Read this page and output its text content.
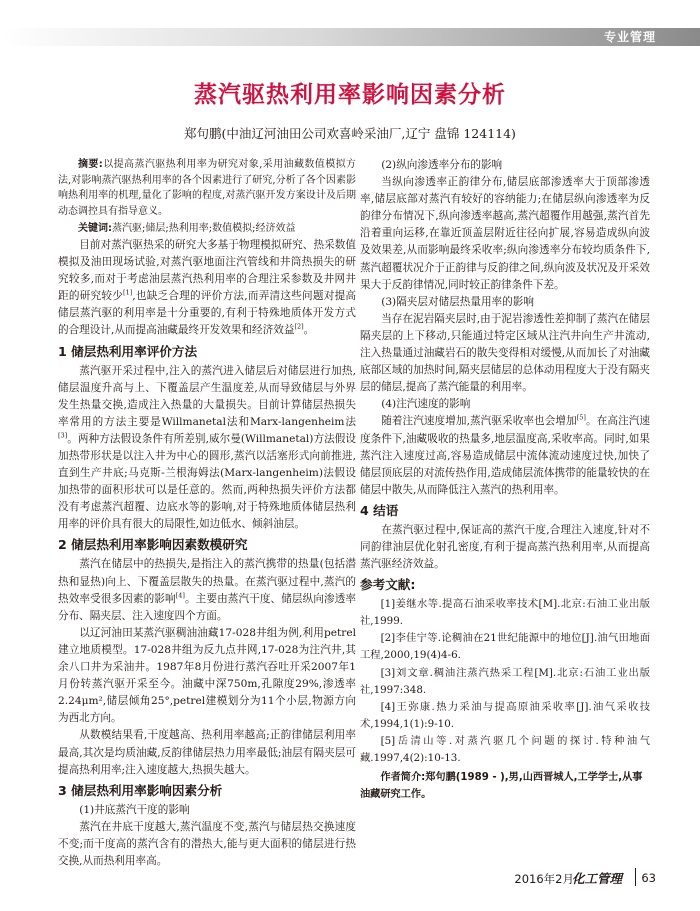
专业管理
蒸汽驱热利用率影响因素分析
郑句鹏(中油辽河油田公司欢喜岭采油厂,辽宁 盘锦 124114)

摘要:以提高蒸汽驱热利用率为研究对象,采用油藏数值模拟方法,对影响蒸汽驱热利用率的各个因素进行了研究,分析了各个因素影响热利用率的机理,量化了影响的程度,对蒸汽驱开发方案设计及后期动态调控具有指导意义。

关键词:蒸汽驱;储层;热利用率;数值模拟;经济效益

目前对蒸汽驱热采的研究大多基于物理模拟研究、热采数值模拟及油田现场试验,对蒸汽驱地面注汽管线和井筒热损失的研究较多,而对于考虑油层蒸汽热利用率的合理注采参数及井网井距的研究较少[1],也缺乏合理的评价方法,而弄清这些问题对提高储层蒸汽驱的利用率是十分重要的,有利于特殊地质体开发方式的合理设计,从而提高油藏最终开发效果和经济效益[2]。

1 储层热利用率评价方法

蒸汽驱开采过程中,注入的蒸汽进入储层后对储层进行加热,储层温度升高与上、下覆盖层产生温度差,从而导致储层与外界发生热量交换,造成注入热量的大量损失。目前计算储层热损失率常用的方法主要是Willmanetal法和Marx-langenheim法[3]。两种方法假设条件有所差别,威尔曼(Willmanetal)方法假设加热带形状是以注入井为中心的圆形,蒸汽以活塞形式向前推进,直到生产井底;马克斯-兰根海姆法(Marx-langenheim)法假设加热带的面积形状可以是任意的。然而,两种热损失评价方法都没有考虑蒸汽超覆、边底水等的影响,对于特殊地质体储层热利用率的评价具有很大的局限性,如边低水、倾斜油层。

2 储层热利用率影响因素数模研究

蒸汽在储层中的热损失,是指注入的蒸汽携带的热量(包括潜热和显热)向上、下覆盖层散失的热量。在蒸汽驱过程中,蒸汽的热效率受很多因素的影响[4]。主要由蒸汽干度、储层纵向渗透率分布、隔夹层、注入速度四个方面。

以辽河油田某蒸汽驱稠油油藏17-028井组为例,利用petrel建立地质模型。17-028井组为反九点井网,17-028为注汽井,其余八口井为采油井。1987年8月份进行蒸汽吞吐开采2007年1月份转蒸汽驱开采至今。油藏中深750m,孔隙度29%,渗透率2.24μm²,储层倾角25°,petrel建模划分为11个小层,物源方向为西北方向。

从数模结果看,干度越高、热利用率越高;正韵律储层利用率最高,其次是均质油藏,反韵律储层热力用率最低;油层有隔夹层可提高热利用率;注入速度越大,热损失越大。

3 储层热利用率影响因素分析

(1)井底蒸汽干度的影响

蒸汽在井底干度越大,蒸汽温度不变,蒸汽与储层热交换速度不变;而干度高的蒸汽含有的潜热大,能与更大面积的储层进行热交换,从而热利用率高。

(2)纵向渗透率分布的影响

当纵向渗透率正韵律分布,储层底部渗透率大于顶部渗透率,储层底部对蒸汽有较好的容纳能力;在储层纵向渗透率为反韵律分布情况下,纵向渗透率越高,蒸汽超覆作用越强,蒸汽首先沿着重向运移,在靠近顶盖层附近往径向扩展,容易造成纵向波及效果差,从而影响最终采收率;纵向渗透率分布较均质条件下,蒸汽超覆状况介于正韵律与反韵律之间,纵向波及状况及开采效果大于反韵律情况,同时较正韵律条件下差。

(3)隔夹层对储层热量用率的影响

当存在泥岩隔夹层时,由于泥岩渗透性差抑制了蒸汽在储层隔夹层的上下移动,只能通过特定区域从注汽井向生产井流动,注入热量通过油藏岩石的散失变得相对缓慢,从而加长了对油藏底部区域的加热时间,隔夹层储层的总体动用程度大于没有隔夹层的储层,提高了蒸汽能量的利用率。

(4)注汽速度的影响

随着注汽速度增加,蒸汽驱采收率也会增加[5]。在高注汽速度条件下,油藏吸收的热量多,地层温度高,采收率高。同时,如果蒸汽注入速度过高,容易造成储层中流体流动速度过快,加快了储层顶底层的对流传热作用,造成储层流体携带的能量较快的在储层中散失,从而降低注入蒸汽的热利用率。

4 结语

在蒸汽驱过程中,保证高的蒸汽干度,合理注入速度,针对不同韵律油层优化射孔密度,有利于提高蒸汽热利用率,从而提高蒸汽驱经济效益。

参考文献:

[1]姜继水等.提高石油采收率技术[M].北京:石油工业出版社,1999.

[2]李佳宁等.论稠油在21世纪能源中的地位[J].油气田地面工程,2000,19(4)4-6.

[3]刘文章.稠油注蒸汽热采工程[M].北京:石油工业出版社,1997:348.

[4]王弥康.热力采油与提高原油采收率[J].油气采收技术,1994,1(1):9-10.

[5]岳清山等.对蒸汽驱几个问题的探讨.特种油气藏.1997,4(2):10-13.

作者简介:郑句鹏(1989 - ),男,山西晋城人,工学学士,从事油藏研究工作。

2016年2月
化工管理 63
